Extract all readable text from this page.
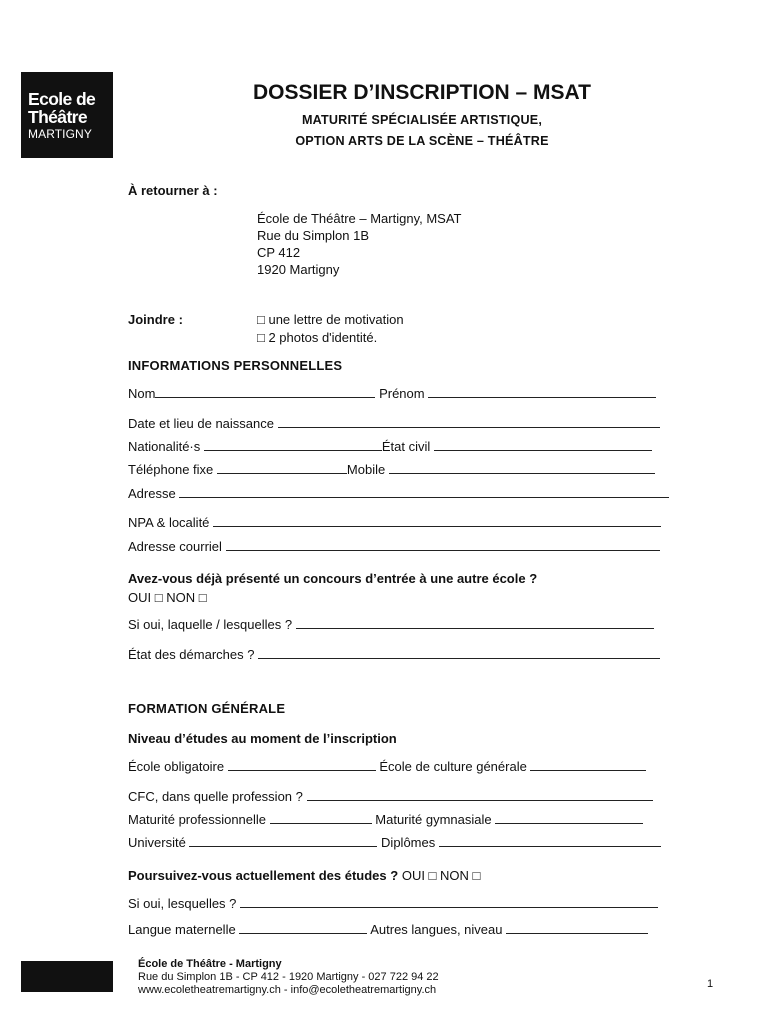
Ecole de
Théâtre
MARTIGNY
DOSSIER D’INSCRIPTION – MSAT
MATURITÉ SPÉCIALISÉE ARTISTIQUE,
OPTION ARTS DE LA SCÈNE – THÉÂTRE
À retourner à :
École de Théâtre – Martigny, MSAT
Rue du Simplon 1B
CP 412
1920 Martigny
Joindre :	□ une lettre de motivation
□ 2 photos d'identité.
INFORMATIONS PERSONNELLES
Nom	Prénom
Date et lieu de naissance
Nationalité·s	État civil
Téléphone fixe	Mobile
Adresse
NPA & localité
Adresse courriel
Avez-vous déjà présenté un concours d’entrée à une autre école ?
OUI □ NON □
Si oui, laquelle / lesquelles ?
État des démarches ?
FORMATION GÉNÉRALE
Niveau d’études au moment de l’inscription
École obligatoire	École de culture générale
CFC, dans quelle profession ?
Maturité professionnelle	Maturité gymnasiale
Université	Diplômes
Poursuivez-vous actuellement des études ? OUI □ NON □
Si oui, lesquelles ?
Langue maternelle	Autres langues, niveau
École de Théâtre - Martigny
Rue du Simplon 1B - CP 412 - 1920 Martigny - 027 722 94 22
www.ecoletheatremartigny.ch - info@ecoletheatremartigny.ch	1
